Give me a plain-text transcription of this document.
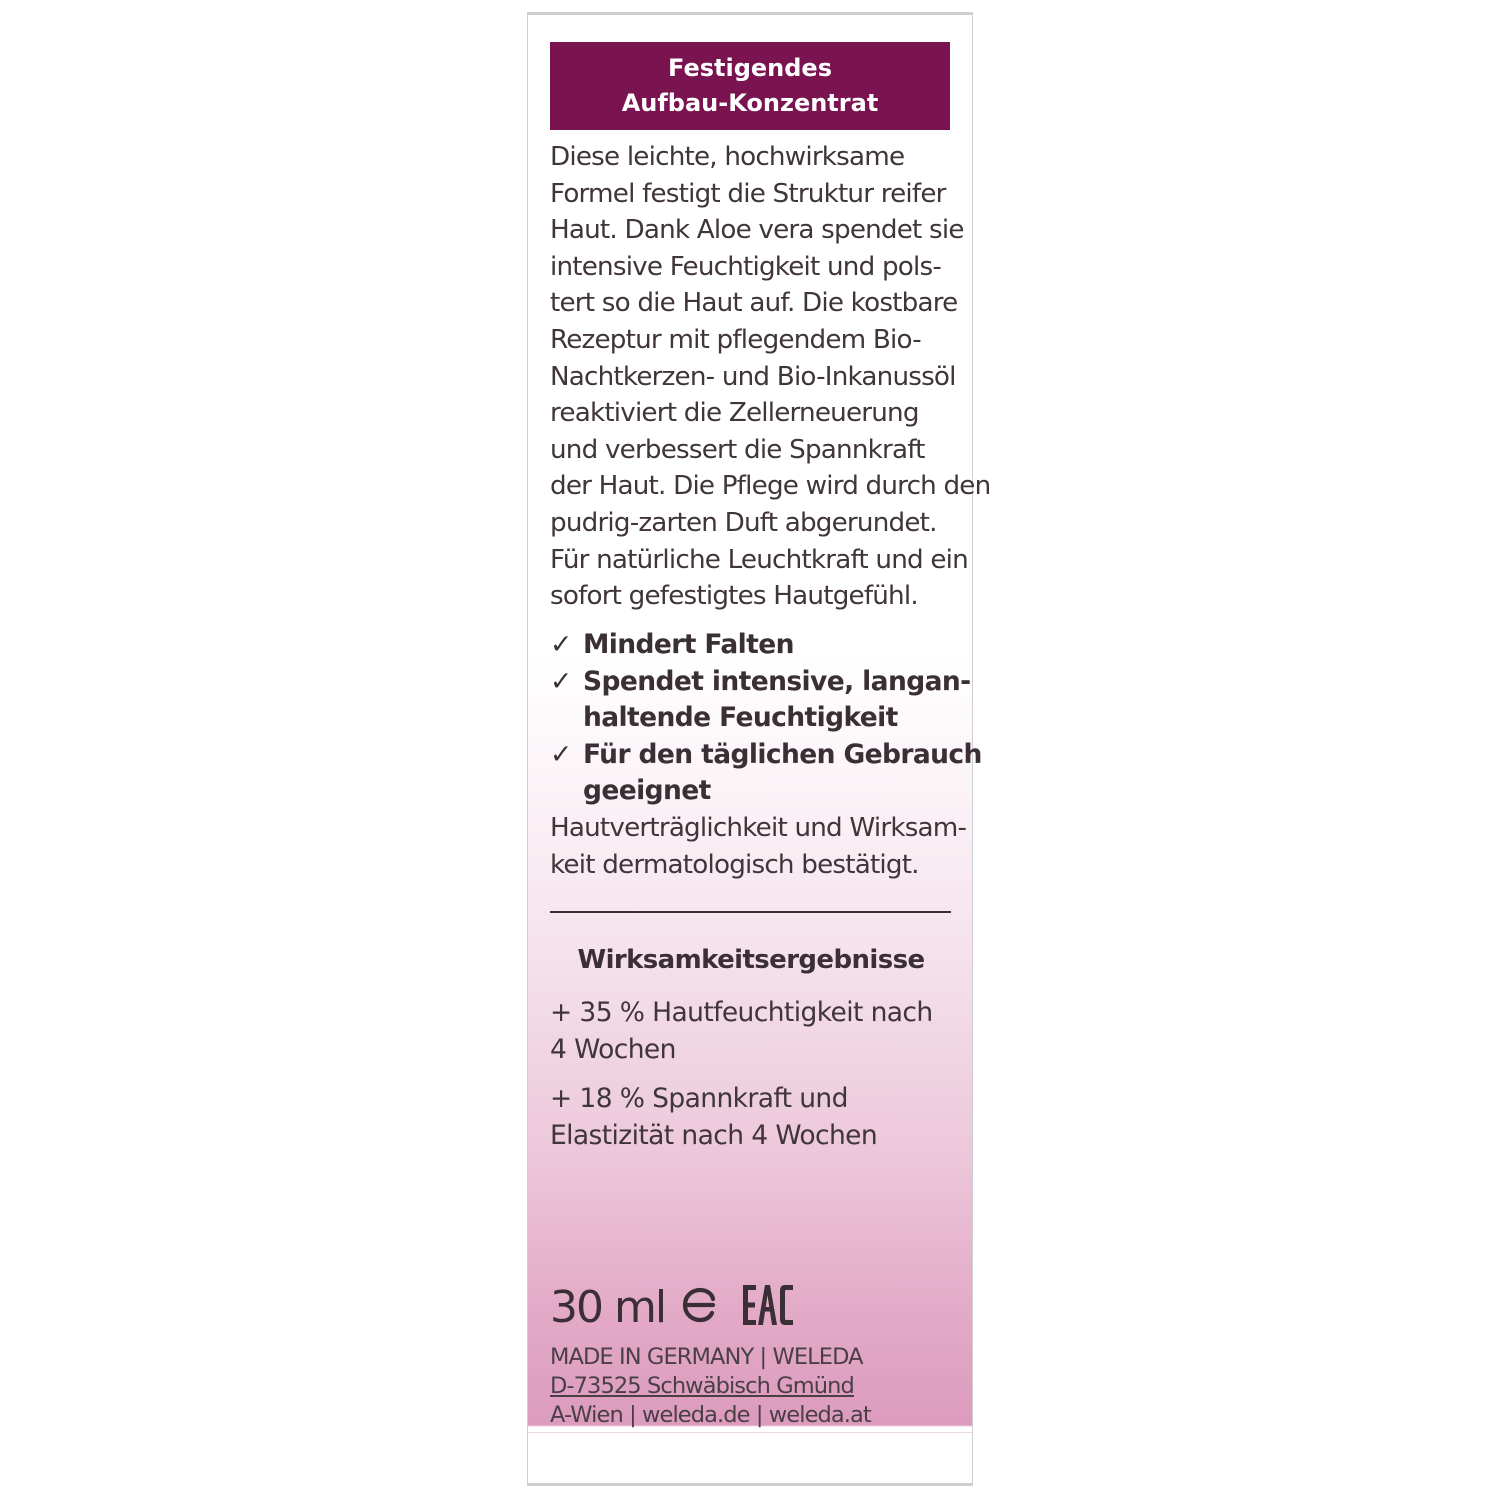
Festigendes
Aufbau-Konzentrat
Diese leichte, hochwirksame
Formel festigt die Struktur reifer
Haut. Dank Aloe vera spendet sie
intensive Feuchtigkeit und pols-
tert so die Haut auf. Die kostbare
Rezeptur mit pflegendem Bio-
Nachtkerzen- und Bio-Inkanussöl
reaktiviert die Zellerneuerung
und verbessert die Spannkraft
der Haut. Die Pflege wird durch den
pudrig-zarten Duft abgerundet.
Für natürliche Leuchtkraft und ein
sofort gefestigtes Hautgefühl.
✓ Mindert Falten
✓ Spendet intensive, langan-
haltende Feuchtigkeit
✓ Für den täglichen Gebrauch
geeignet
Hautverträglichkeit und Wirksam-
keit dermatologisch bestätigt.
Wirksamkeitsergebnisse
+ 35 % Hautfeuchtigkeit nach
4 Wochen
+ 18 % Spannkraft und
Elastizität nach 4 Wochen
30 ml
MADE IN GERMANY | WELEDA
D-73525 Schwäbisch Gmünd
A-Wien | weleda.de | weleda.at
